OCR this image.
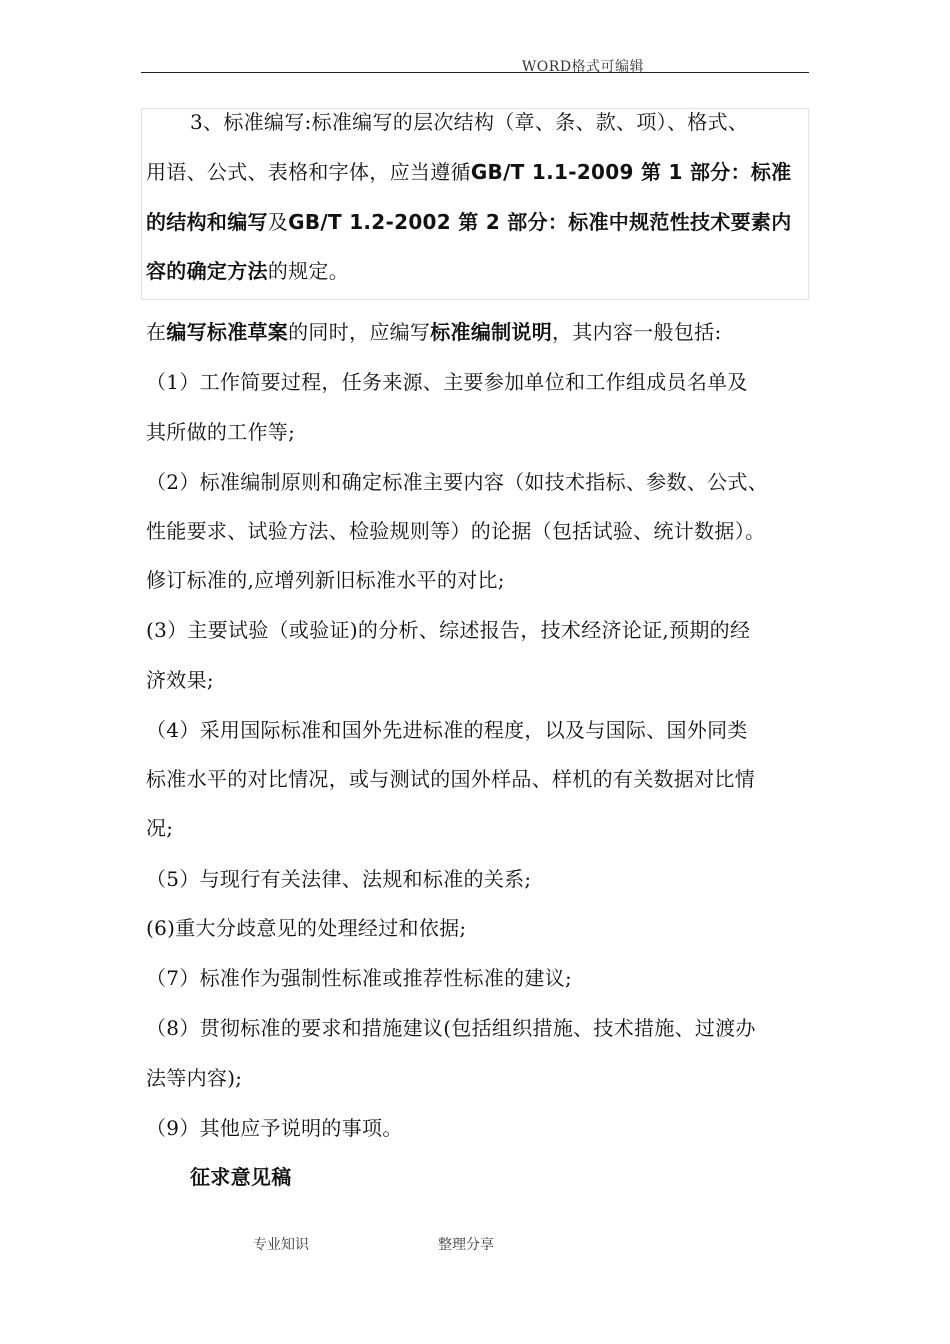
WORD格式可编辑
3、标准编写:标准编写的层次结构（章、条、款、项）、格式、
用语、公式、表格和字体，应当遵循GB/T 1.1-2009 第 1 部分：标准
的结构和编写及GB/T 1.2-2002 第 2 部分：标准中规范性技术要素内
容的确定方法的规定。
在编写标准草案的同时，应编写标准编制说明，其内容一般包括:
（1）工作简要过程，任务来源、主要参加单位和工作组成员名单及
其所做的工作等;
（2）标准编制原则和确定标准主要内容（如技术指标、参数、公式、
性能要求、试验方法、检验规则等）的论据（包括试验、统计数据）。
修订标准的,应增列新旧标准水平的对比;
(3）主要试验（或验证)的分析、综述报告，技术经济论证,预期的经
济效果;
（4）采用国际标准和国外先进标准的程度，以及与国际、国外同类
标准水平的对比情况，或与测试的国外样品、样机的有关数据对比情
况;
（5）与现行有关法律、法规和标准的关系;
(6)重大分歧意见的处理经过和依据;
（7）标准作为强制性标准或推荐性标准的建议;
（8）贯彻标准的要求和措施建议(包括组织措施、技术措施、过渡办
法等内容);
（9）其他应予说明的事项。
征求意见稿
专业知识	整理分享
